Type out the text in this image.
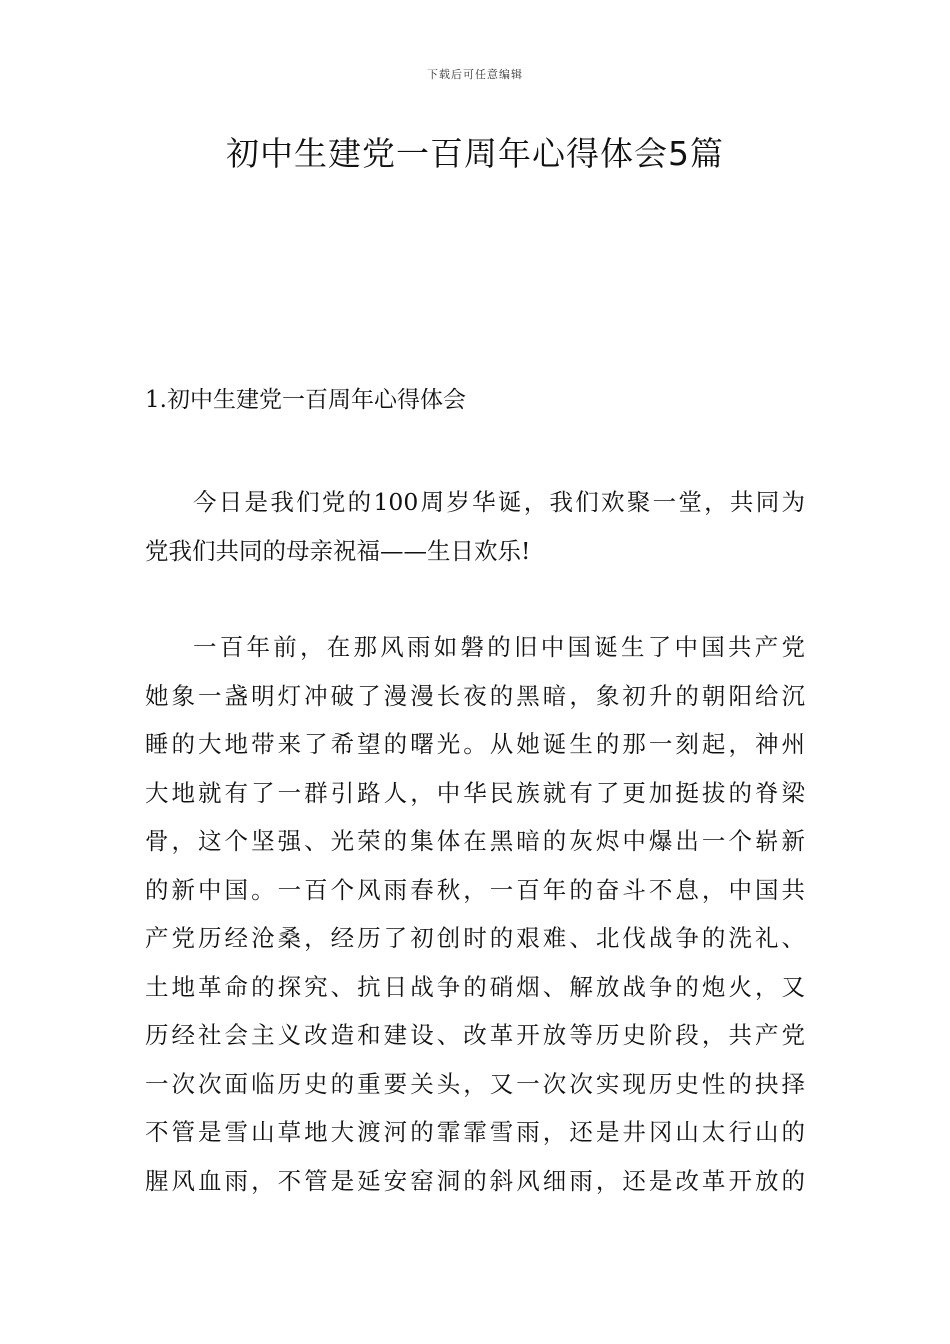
下载后可任意编辑
初中生建党一百周年心得体会5篇
1.初中生建党一百周年心得体会

今日是我们党的100周岁华诞，我们欢聚一堂，共同为
党我们共同的母亲祝福——生日欢乐!

一百年前，在那风雨如磐的旧中国诞生了中国共产党
她象一盏明灯冲破了漫漫长夜的黑暗，象初升的朝阳给沉
睡的大地带来了希望的曙光。从她诞生的那一刻起，神州
大地就有了一群引路人，中华民族就有了更加挺拔的脊梁
骨，这个坚强、光荣的集体在黑暗的灰烬中爆出一个崭新
的新中国。一百个风雨春秋，一百年的奋斗不息，中国共
产党历经沧桑，经历了初创时的艰难、北伐战争的洗礼、
土地革命的探究、抗日战争的硝烟、解放战争的炮火，又
历经社会主义改造和建设、改革开放等历史阶段，共产党
一次次面临历史的重要关头，又一次次实现历史性的抉择
不管是雪山草地大渡河的霏霏雪雨，还是井冈山太行山的
腥风血雨，不管是延安窑洞的斜风细雨，还是改革开放的
